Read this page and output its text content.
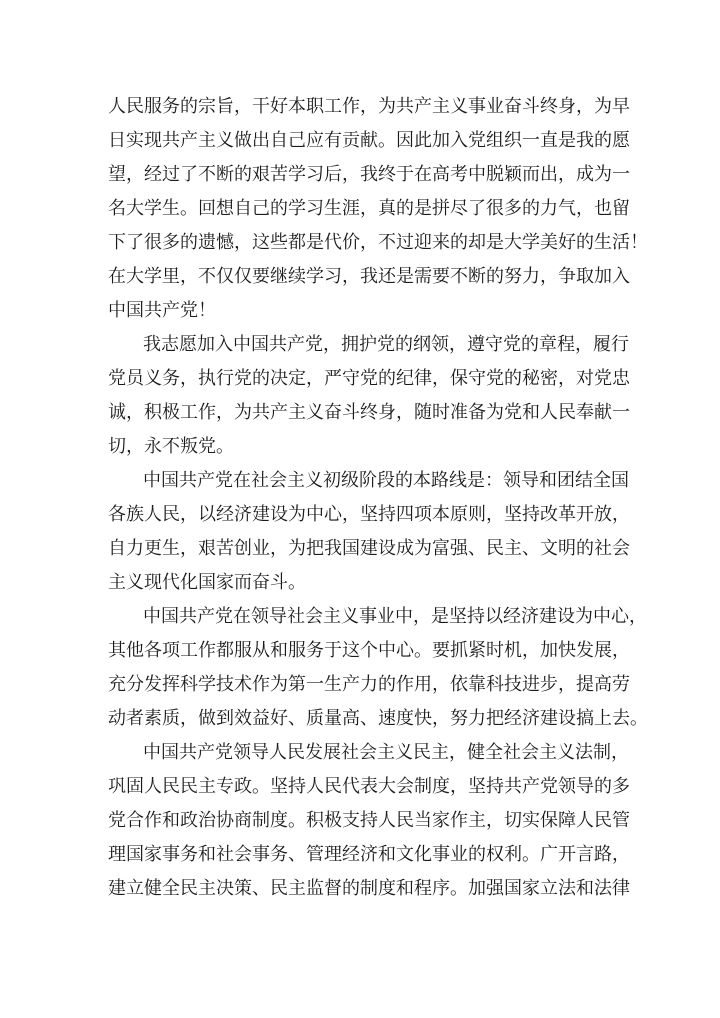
人民服务的宗旨，干好本职工作，为共产主义事业奋斗终身，为早
日实现共产主义做出自己应有贡献。因此加入党组织一直是我的愿
望，经过了不断的艰苦学习后，我终于在高考中脱颖而出，成为一
名大学生。回想自己的学习生涯，真的是拼尽了很多的力气，也留
下了很多的遗憾，这些都是代价，不过迎来的却是大学美好的生活！
在大学里，不仅仅要继续学习，我还是需要不断的努力，争取加入
中国共产党！
我志愿加入中国共产党，拥护党的纲领，遵守党的章程，履行
党员义务，执行党的决定，严守党的纪律，保守党的秘密，对党忠
诚，积极工作，为共产主义奋斗终身，随时准备为党和人民奉献一
切，永不叛党。
中国共产党在社会主义初级阶段的本路线是：领导和团结全国
各族人民，以经济建设为中心，坚持四项本原则，坚持改革开放，
自力更生，艰苦创业，为把我国建设成为富强、民主、文明的社会
主义现代化国家而奋斗。
中国共产党在领导社会主义事业中，是坚持以经济建设为中心，
其他各项工作都服从和服务于这个中心。要抓紧时机，加快发展，
充分发挥科学技术作为第一生产力的作用，依靠科技进步，提高劳
动者素质，做到效益好、质量高、速度快，努力把经济建设搞上去。
中国共产党领导人民发展社会主义民主，健全社会主义法制，
巩固人民民主专政。坚持人民代表大会制度，坚持共产党领导的多
党合作和政治协商制度。积极支持人民当家作主，切实保障人民管
理国家事务和社会事务、管理经济和文化事业的权利。广开言路，
建立健全民主决策、民主监督的制度和程序。加强国家立法和法律
